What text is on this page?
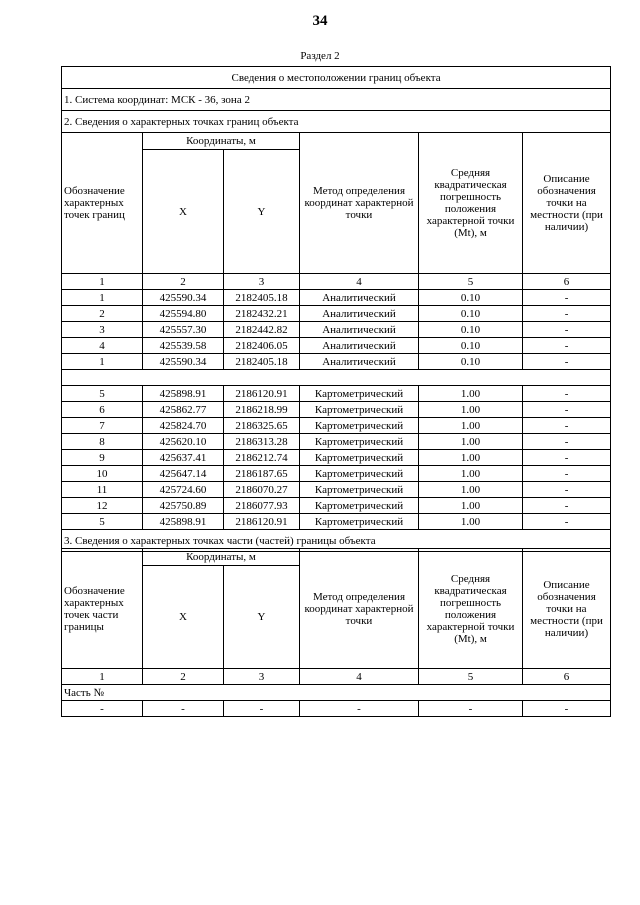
34
Раздел 2
Сведения о местоположении границ объекта					
1. Система координат: МСК - 36, зона 2					
2. Сведения о характерных точках границ объекта					
Обозначение характерных точек границ	Координаты, м		Метод определения координат характерной точки	Средняя квадратическая погрешность положения характерной точки (Mt), м	Описание обозначения точки на местности (при наличии)
	X	Y			
1	2	3	4	5	6
1	425590.34	2182405.18	Аналитический	0.10	-
2	425594.80	2182432.21	Аналитический	0.10	-
3	425557.30	2182442.82	Аналитический	0.10	-
4	425539.58	2182406.05	Аналитический	0.10	-
1	425590.34	2182405.18	Аналитический	0.10	-

5	425898.91	2186120.91	Картометрический	1.00	-
6	425862.77	2186218.99	Картометрический	1.00	-
7	425824.70	2186325.65	Картометрический	1.00	-
8	425620.10	2186313.28	Картометрический	1.00	-
9	425637.41	2186212.74	Картометрический	1.00	-
10	425647.14	2186187.65	Картометрический	1.00	-
11	425724.60	2186070.27	Картометрический	1.00	-
12	425750.89	2186077.93	Картометрический	1.00	-
5	425898.91	2186120.91	Картометрический	1.00	-
3. Сведения о характерных точках части (частей) границы объекта					
Обозначение характерных точек части границы	Координаты, м		Метод определения координат характерной точки	Средняя квадратическая погрешность положения характерной точки (Mt), м	Описание обозначения точки на местности (при наличии)
	X	Y			
1	2	3	4	5	6
Часть №					
-	-	-	-	-	-
